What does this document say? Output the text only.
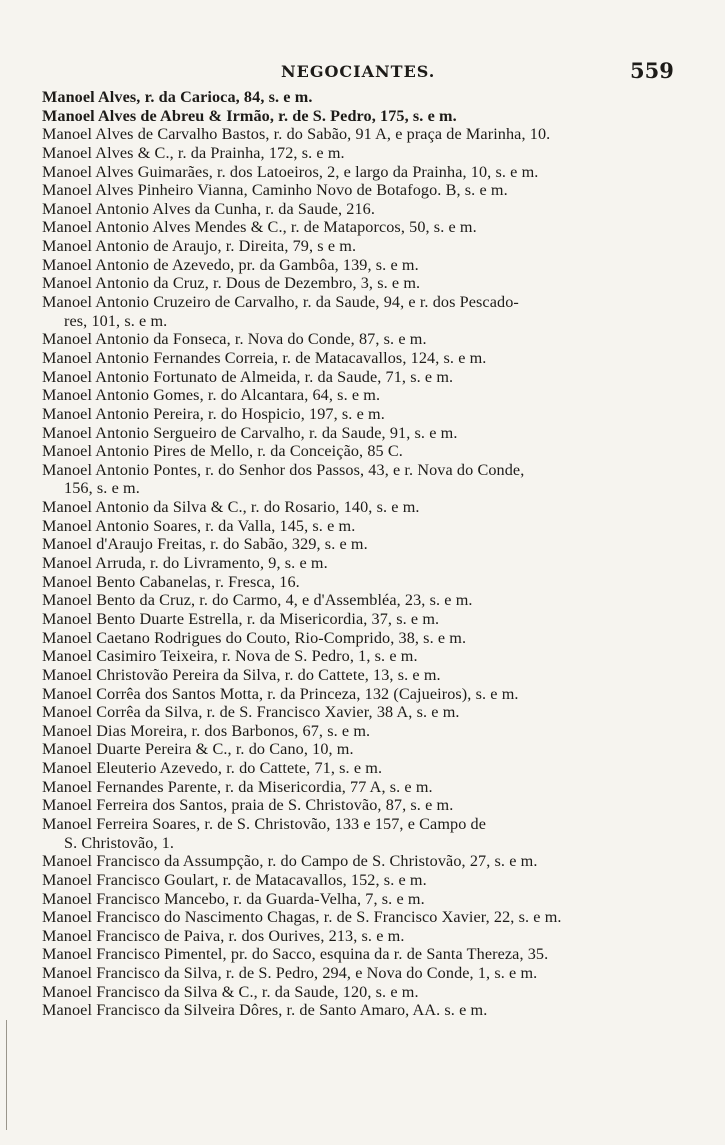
NEGOCIANTES.	559
Manoel Alves, r. da Carioca, 84, s. e m.
Manoel Alves de Abreu & Irmão, r. de S. Pedro, 175, s. e m.
Manoel Alves de Carvalho Bastos, r. do Sabão, 91 A, e praça de Marinha, 10.
Manoel Alves & C., r. da Prainha, 172, s. e m.
Manoel Alves Guimarães, r. dos Latoeiros, 2, e largo da Prainha, 10, s. e m.
Manoel Alves Pinheiro Vianna, Caminho Novo de Botafogo. B, s. e m.
Manoel Antonio Alves da Cunha, r. da Saude, 216.
Manoel Antonio Alves Mendes & C., r. de Mataporcos, 50, s. e m.
Manoel Antonio de Araujo, r. Direita, 79, s e m.
Manoel Antonio de Azevedo, pr. da Gambôa, 139, s. e m.
Manoel Antonio da Cruz, r. Dous de Dezembro, 3, s. e m.
Manoel Antonio Cruzeiro de Carvalho, r. da Saude, 94, e r. dos Pescado-
res, 101, s. e m.
Manoel Antonio da Fonseca, r. Nova do Conde, 87, s. e m.
Manoel Antonio Fernandes Correia, r. de Matacavallos, 124, s. e m.
Manoel Antonio Fortunato de Almeida, r. da Saude, 71, s. e m.
Manoel Antonio Gomes, r. do Alcantara, 64, s. e m.
Manoel Antonio Pereira, r. do Hospicio, 197, s. e m.
Manoel Antonio Sergueiro de Carvalho, r. da Saude, 91, s. e m.
Manoel Antonio Pires de Mello, r. da Conceição, 85 C.
Manoel Antonio Pontes, r. do Senhor dos Passos, 43, e r. Nova do Conde,
156, s. e m.
Manoel Antonio da Silva & C., r. do Rosario, 140, s. e m.
Manoel Antonio Soares, r. da Valla, 145, s. e m.
Manoel d'Araujo Freitas, r. do Sabão, 329, s. e m.
Manoel Arruda, r. do Livramento, 9, s. e m.
Manoel Bento Cabanelas, r. Fresca, 16.
Manoel Bento da Cruz, r. do Carmo, 4, e d'Assembléa, 23, s. e m.
Manoel Bento Duarte Estrella, r. da Misericordia, 37, s. e m.
Manoel Caetano Rodrigues do Couto, Rio-Comprido, 38, s. e m.
Manoel Casimiro Teixeira, r. Nova de S. Pedro, 1, s. e m.
Manoel Christovão Pereira da Silva, r. do Cattete, 13, s. e m.
Manoel Corrêa dos Santos Motta, r. da Princeza, 132 (Cajueiros), s. e m.
Manoel Corrêa da Silva, r. de S. Francisco Xavier, 38 A, s. e m.
Manoel Dias Moreira, r. dos Barbonos, 67, s. e m.
Manoel Duarte Pereira & C., r. do Cano, 10, m.
Manoel Eleuterio Azevedo, r. do Cattete, 71, s. e m.
Manoel Fernandes Parente, r. da Misericordia, 77 A, s. e m.
Manoel Ferreira dos Santos, praia de S. Christovão, 87, s. e m.
Manoel Ferreira Soares, r. de S. Christovão, 133 e 157, e Campo de
S. Christovão, 1.
Manoel Francisco da Assumpção, r. do Campo de S. Christovão, 27, s. e m.
Manoel Francisco Goulart, r. de Matacavallos, 152, s. e m.
Manoel Francisco Mancebo, r. da Guarda-Velha, 7, s. e m.
Manoel Francisco do Nascimento Chagas, r. de S. Francisco Xavier, 22, s. e m.
Manoel Francisco de Paiva, r. dos Ourives, 213, s. e m.
Manoel Francisco Pimentel, pr. do Sacco, esquina da r. de Santa Thereza, 35.
Manoel Francisco da Silva, r. de S. Pedro, 294, e Nova do Conde, 1, s. e m.
Manoel Francisco da Silva & C., r. da Saude, 120, s. e m.
Manoel Francisco da Silveira Dôres, r. de Santo Amaro, AA. s. e m.
